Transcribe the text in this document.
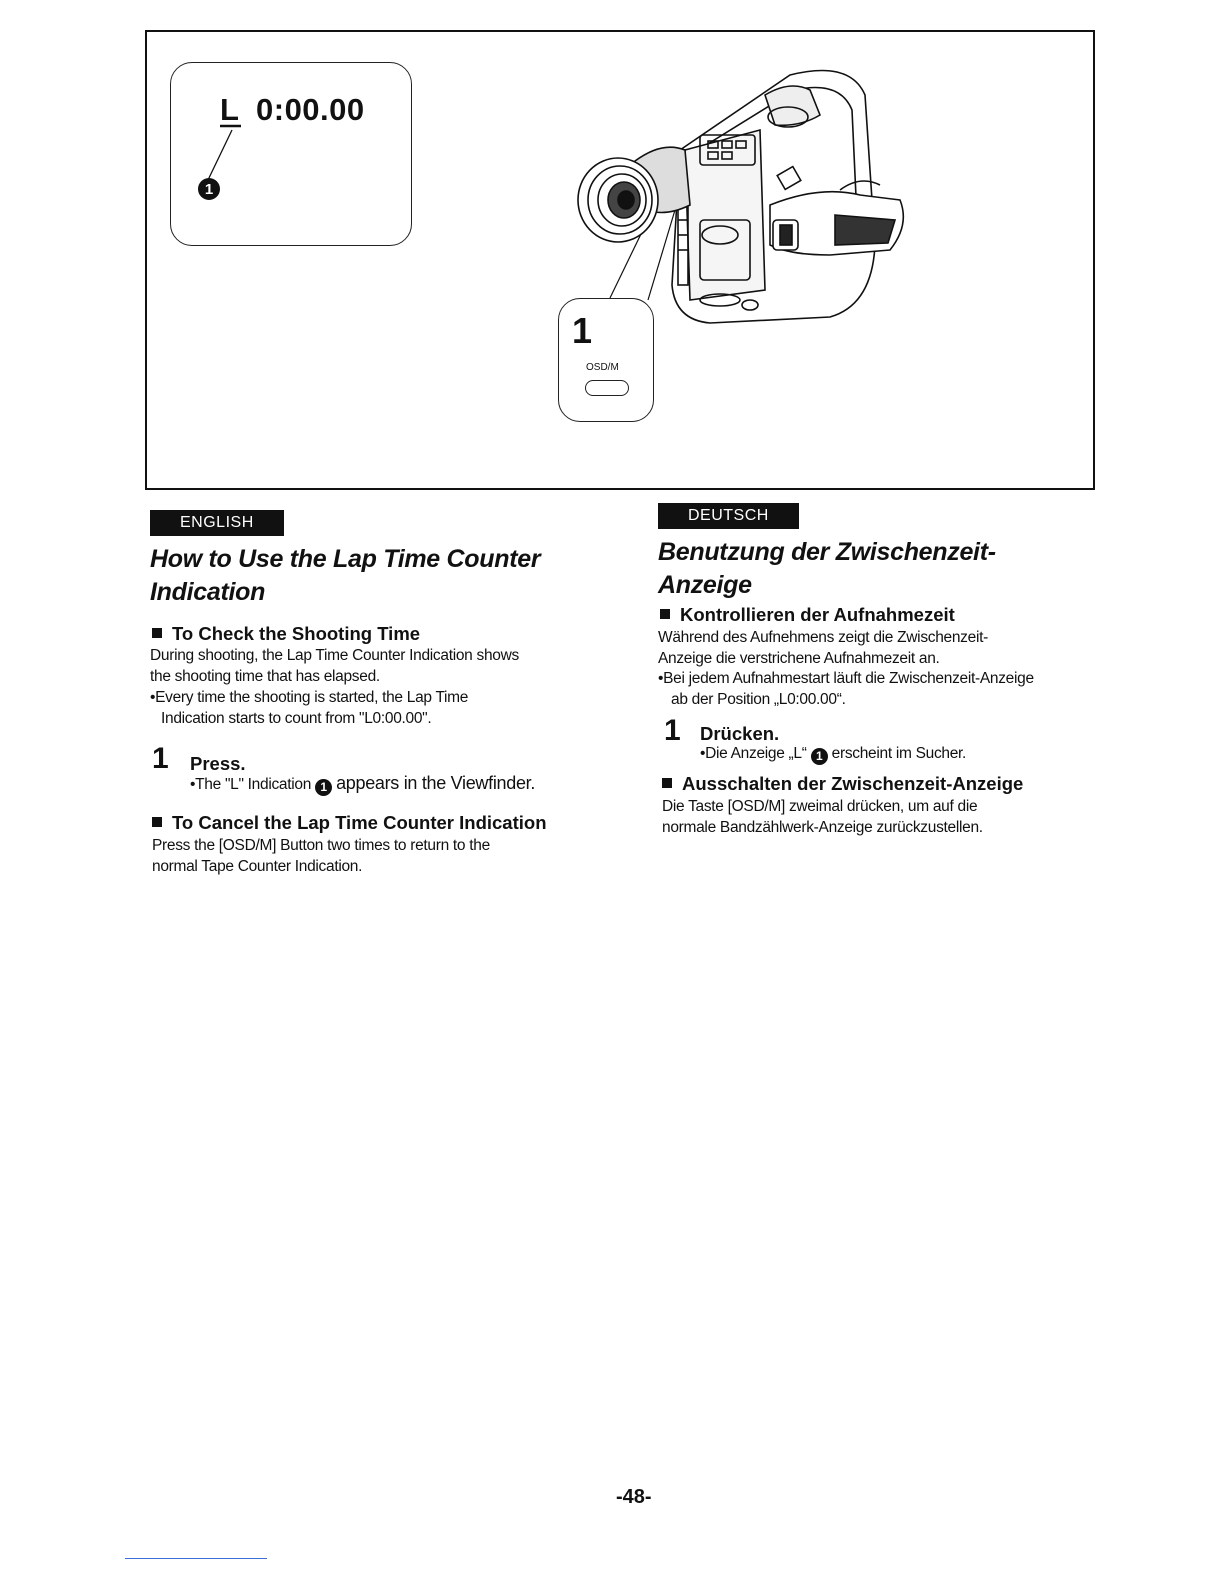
L 0:00.00
1
1
OSD/M
ENGLISH
How to Use the Lap Time Counter
Indication
To Check the Shooting Time
During shooting, the Lap Time Counter Indication shows
the shooting time that has elapsed.
•Every time the shooting is started, the Lap Time
Indication starts to count from "L0:00.00".
1 Press.
•The "L" Indication 1 appears in the Viewfinder.
To Cancel the Lap Time Counter Indication
Press the [OSD/M] Button two times to return to the
normal Tape Counter Indication.
DEUTSCH
Benutzung der Zwischenzeit-
Anzeige
Kontrollieren der Aufnahmezeit
Während des Aufnehmens zeigt die Zwischenzeit-
Anzeige die verstrichene Aufnahmezeit an.
•Bei jedem Aufnahmestart läuft die Zwischenzeit-Anzeige
ab der Position „L0:00.00“.
1 Drücken.
•Die Anzeige „L“ 1 erscheint im Sucher.
Ausschalten der Zwischenzeit-Anzeige
Die Taste [OSD/M] zweimal drücken, um auf die
normale Bandzählwerk-Anzeige zurückzustellen.
-48-
